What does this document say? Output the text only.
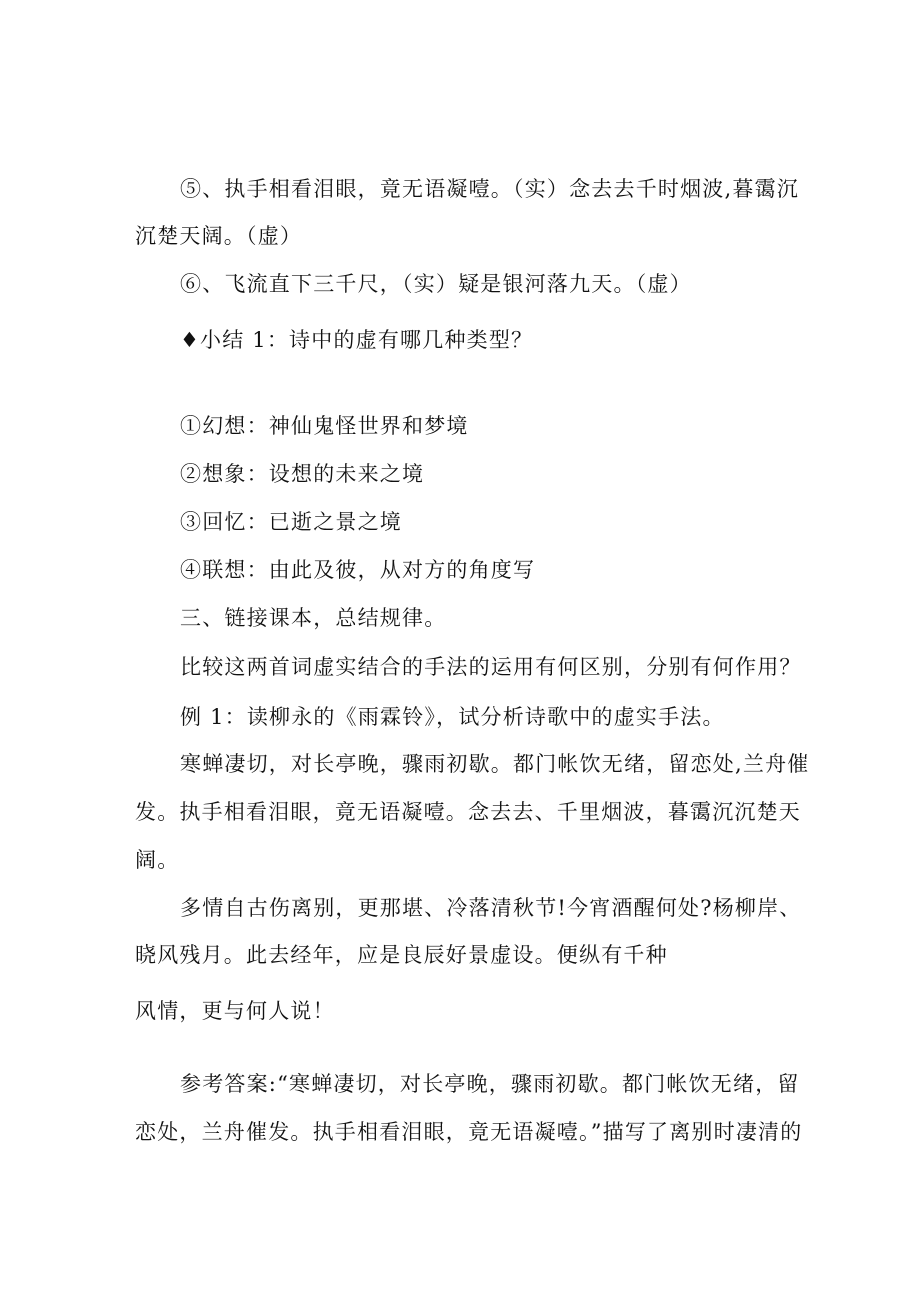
⑤、执手相看泪眼，竟无语凝噎。（实）念去去千时烟波,暮霭沉
沉楚天阔。（虚）
⑥、飞流直下三千尺，（实）疑是银河落九天。（虚）
♦小结 1：诗中的虚有哪几种类型？
①幻想：神仙鬼怪世界和梦境
②想象：设想的未来之境
③回忆：已逝之景之境
④联想：由此及彼，从对方的角度写
三、链接课本，总结规律。
比较这两首词虚实结合的手法的运用有何区别，分别有何作用？
例 1：读柳永的《雨霖铃》，试分析诗歌中的虚实手法。
寒蝉凄切，对长亭晚，骤雨初歇。都门帐饮无绪，留恋处,兰舟催
发。执手相看泪眼，竟无语凝噎。念去去、千里烟波，暮霭沉沉楚天
阔。
多情自古伤离别，更那堪、冷落清秋节!今宵酒醒何处?杨柳岸、
晓风残月。此去经年，应是良辰好景虚设。便纵有千种
风情，更与何人说！
参考答案:“寒蝉凄切，对长亭晚，骤雨初歇。都门帐饮无绪，留
恋处，兰舟催发。执手相看泪眼，竟无语凝噎。”描写了离别时凄清的
